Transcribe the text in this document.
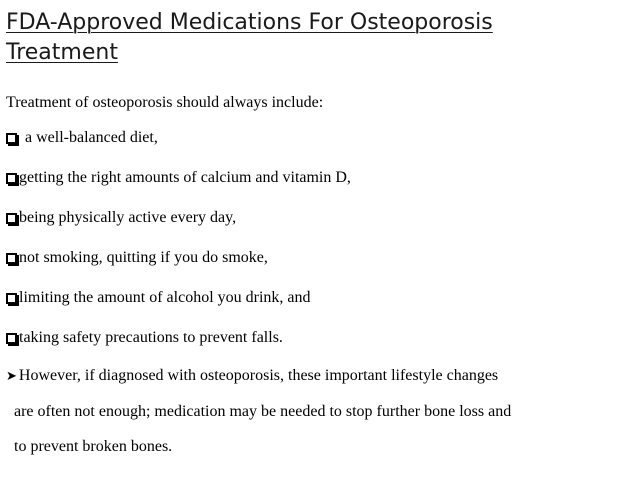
FDA-Approved Medications For Osteoporosis Treatment

Treatment of osteoporosis should always include:

a well-balanced diet,
getting the right amounts of calcium and vitamin D,
being physically active every day,
not smoking, quitting if you do smoke,
limiting the amount of alcohol you drink, and
taking safety precautions to prevent falls.

➤ However, if diagnosed with osteoporosis, these important lifestyle changes
are often not enough; medication may be needed to stop further bone loss and
to prevent broken bones.
